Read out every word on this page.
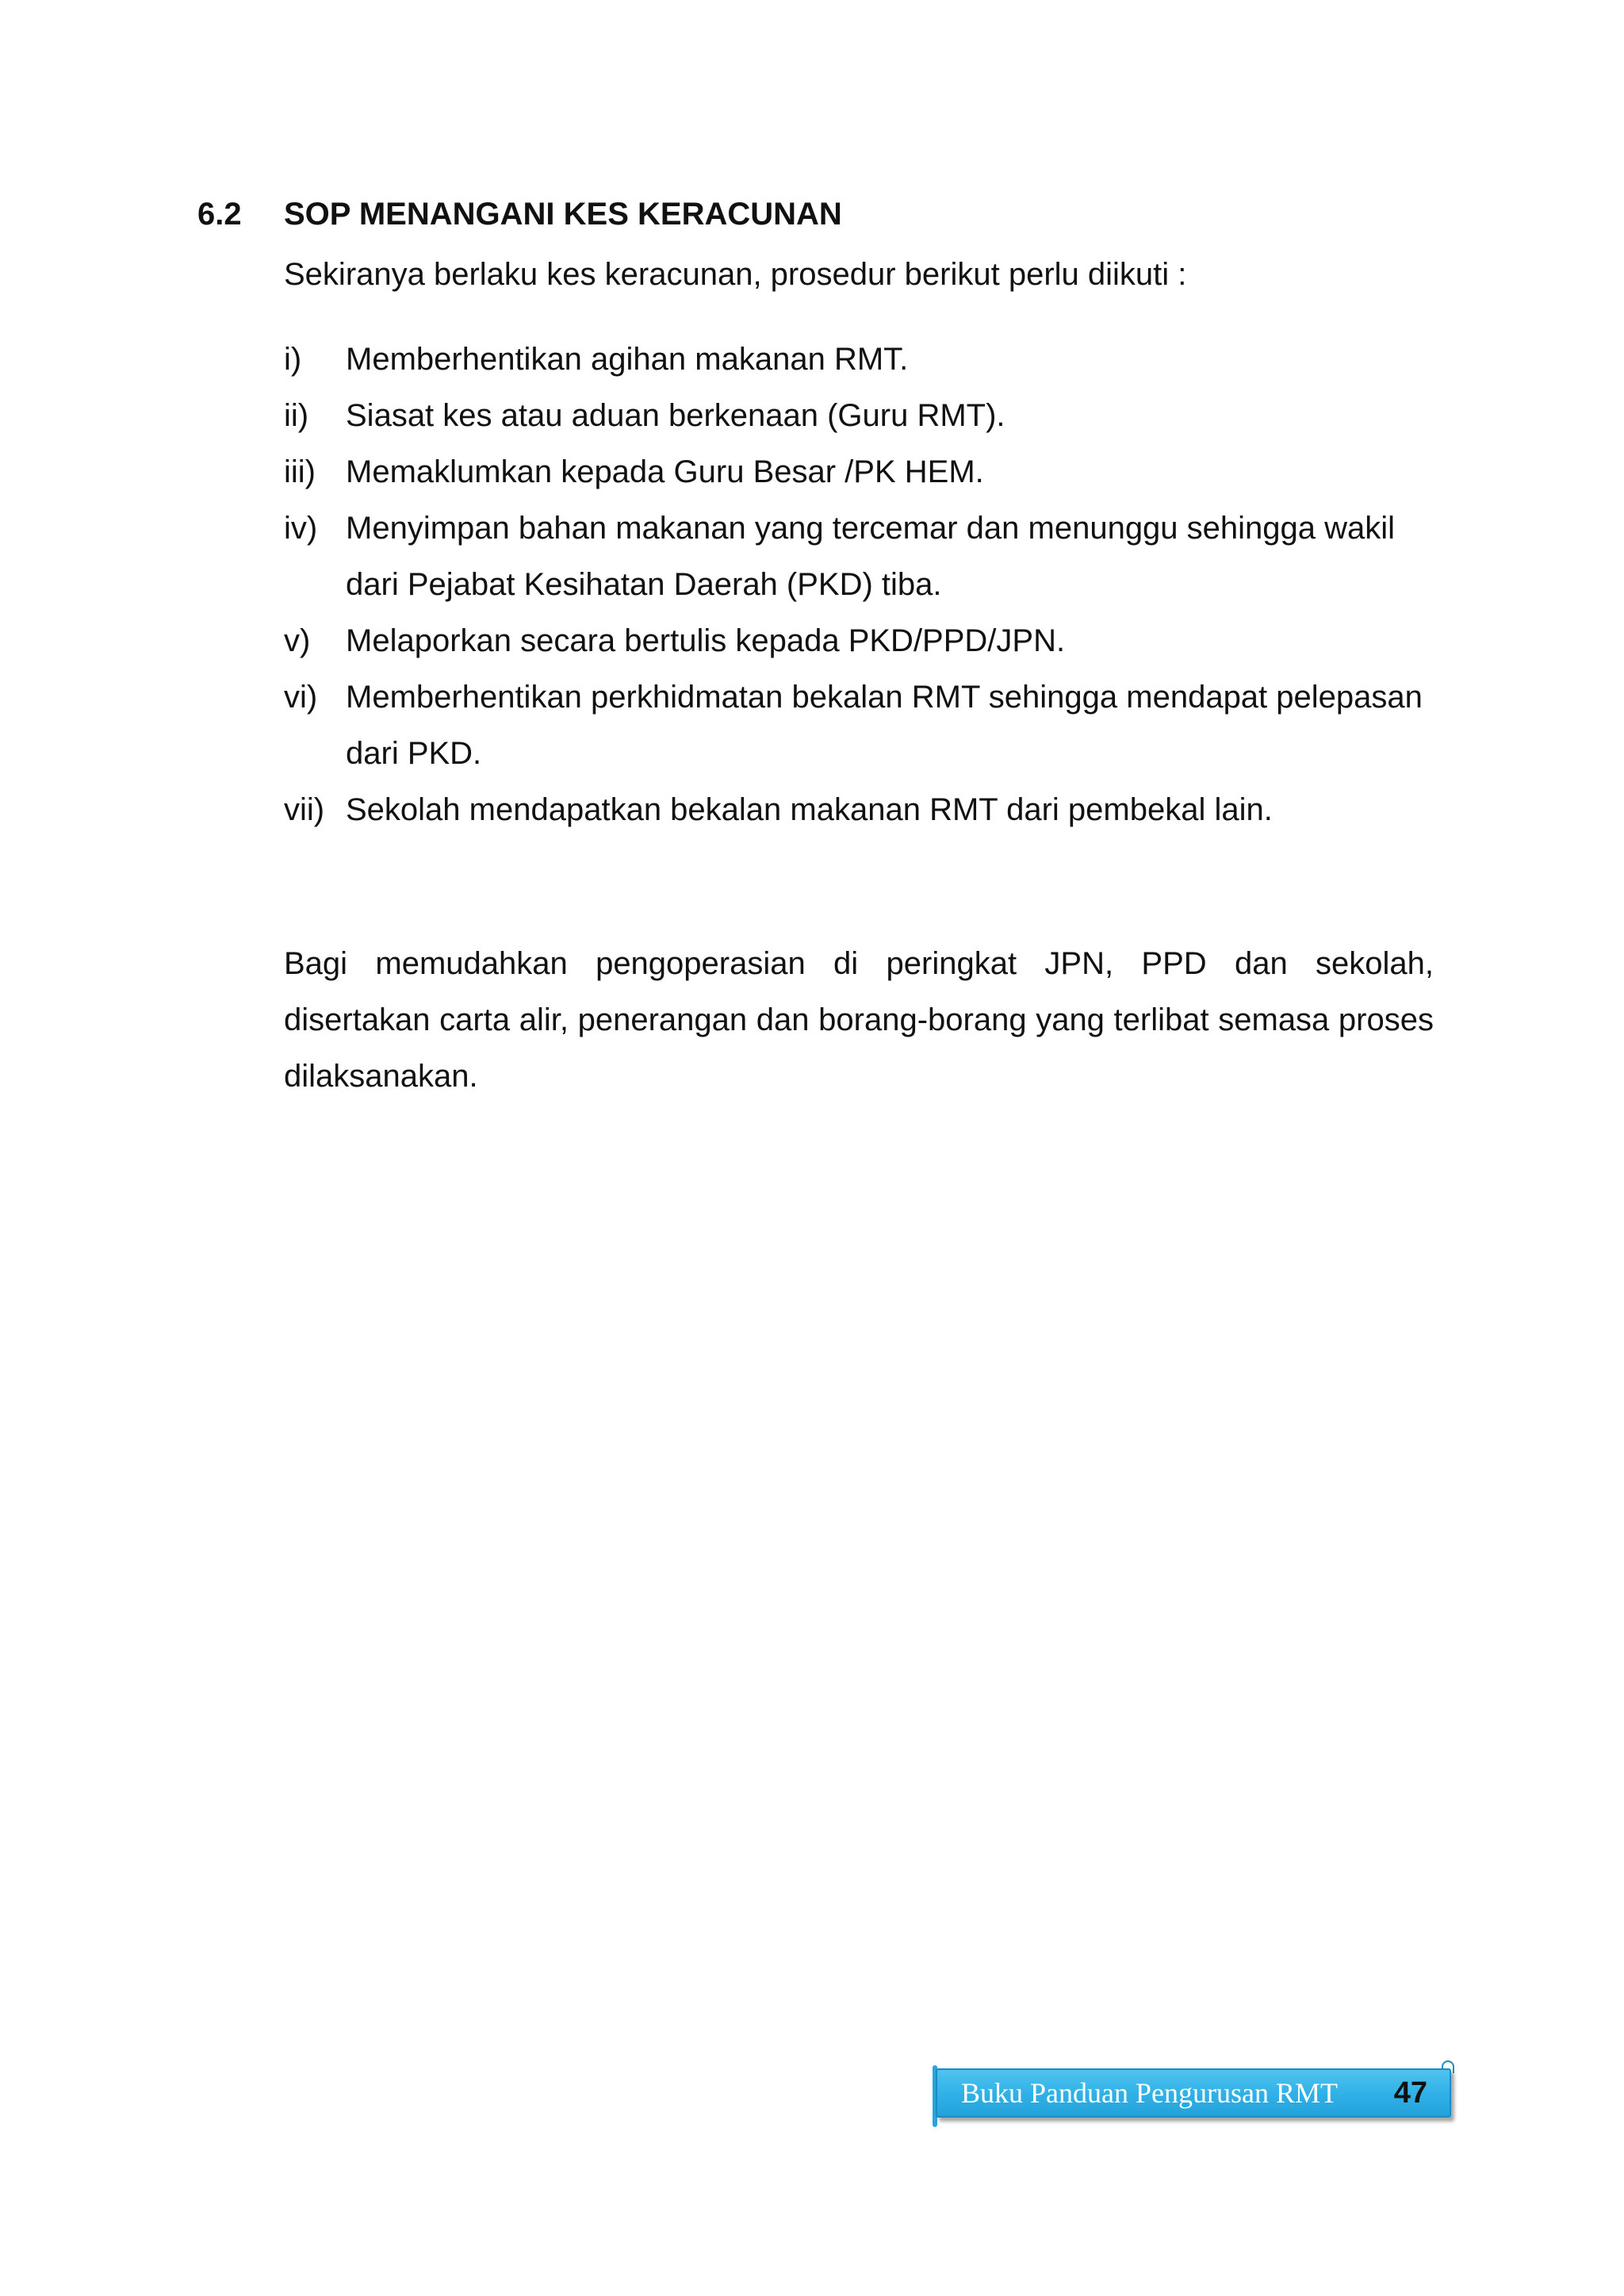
6.2 SOP MENANGANI KES KERACUNAN
Sekiranya berlaku kes keracunan, prosedur berikut perlu diikuti :
i)	Memberhentikan agihan makanan RMT.
ii)	Siasat kes atau aduan berkenaan (Guru RMT).
iii) Memaklumkan kepada Guru Besar /PK HEM.
iv) Menyimpan bahan makanan yang tercemar dan menunggu sehingga wakil dari Pejabat Kesihatan Daerah (PKD) tiba.
v)	Melaporkan secara bertulis kepada PKD/PPD/JPN.
vi) Memberhentikan perkhidmatan bekalan RMT sehingga mendapat pelepasan dari PKD.
vii) Sekolah mendapatkan bekalan makanan RMT dari pembekal lain.

Bagi memudahkan pengoperasian di peringkat JPN, PPD dan sekolah, disertakan carta alir, penerangan dan borang-borang yang terlibat semasa proses dilaksanakan.

Buku Panduan Pengurusan RMT 47
